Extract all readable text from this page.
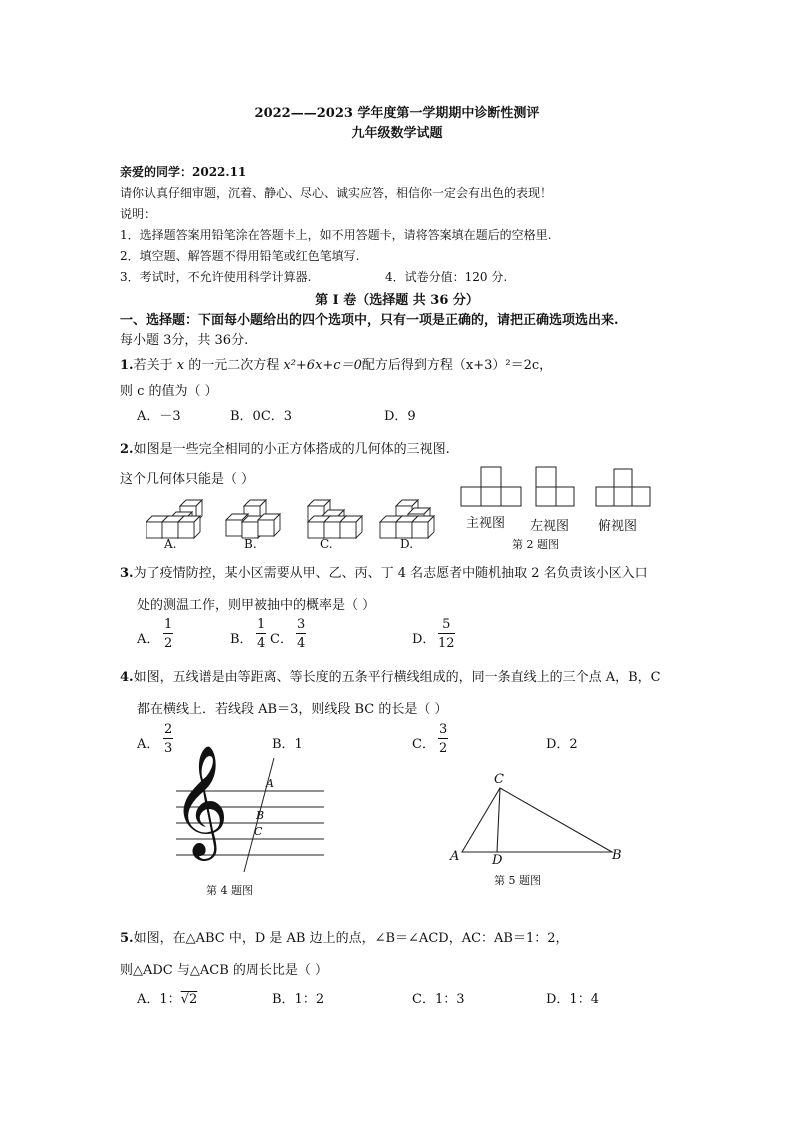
2022——2023 学年度第一学期期中诊断性测评
九年级数学试题
亲爱的同学：2022.11
请你认真仔细审题，沉着、静心、尽心、诚实应答，相信你一定会有出色的表现！
说明：
1．选择题答案用铅笔涂在答题卡上，如不用答题卡，请将答案填在题后的空格里.
2．填空题、解答题不得用铅笔或红色笔填写.
3．考试时，不允许使用科学计算器.	4．试卷分值：120 分.
第 I 卷（选择题 共 36 分）
一、选择题：下面每小题给出的四个选项中，只有一项是正确的，请把正确选项选出来.
每小题 3分，共 36分.
1.若关于 x 的一元二次方程 x²+6x+c＝0配方后得到方程（x+3）²＝2c，
则 c 的值为（ ）
A．－3	B．0C．3	D．9
2.如图是一些完全相同的小正方体搭成的几何体的三视图.
这个几何体只能是（ ）
A.	B.	C.	D.
主视图 左视图 俯视图
第 2 题图
3.为了疫情防控，某小区需要从甲、乙、丙、丁 4 名志愿者中随机抽取 2 名负责该小区入口
处的测温工作，则甲被抽中的概率是（ ）
A． $\frac{1}{2}$	B． $\frac{1}{4}$ C． $\frac{3}{4}$	D． $\frac{5}{12}$
4.如图，五线谱是由等距离、等长度的五条平行横线组成的，同一条直线上的三个点 A，B，C
都在横线上．若线段 AB＝3，则线段 BC 的长是（ ）
A． $\frac{2}{3}$	B．1	C． $\frac{3}{2}$	D．2
𝄞	A
B
C
第 4 题图
C
A	D	B
第 5 题图
5.如图，在△ABC 中，D 是 AB 边上的点，∠B＝∠ACD，AC：AB＝1：2，
则△ADC 与△ACB 的周长比是（ ）
A．1：√2	B．1：2	C．1：3	D．1：4
